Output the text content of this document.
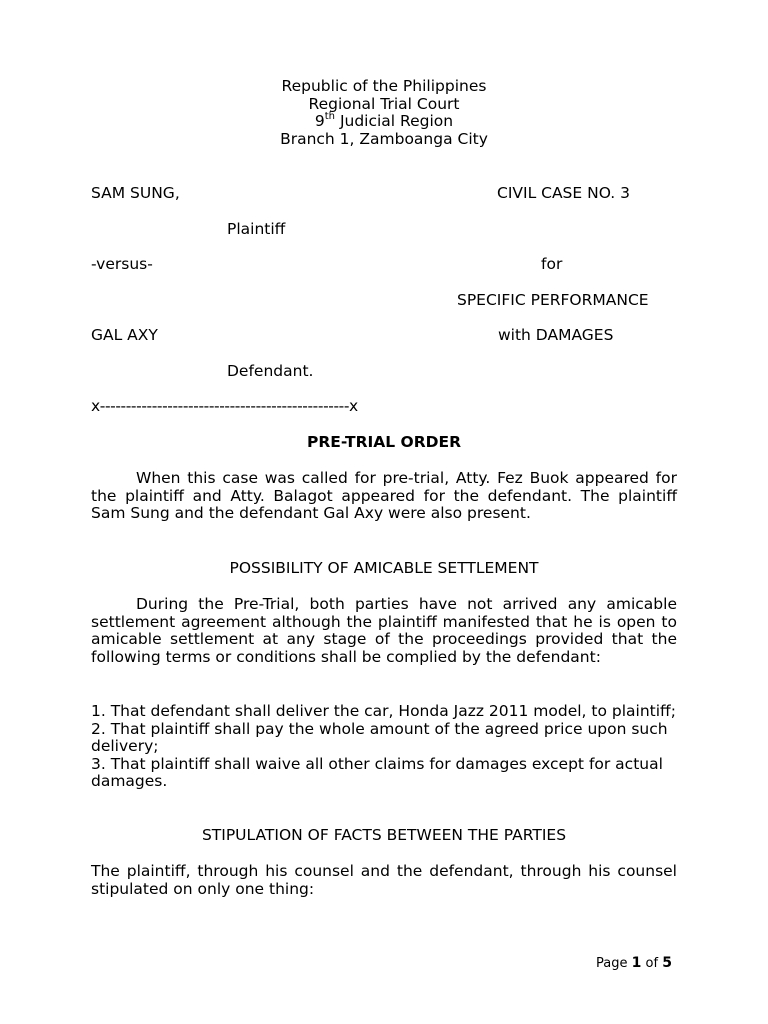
Republic of the Philippines
Regional Trial Court
9th Judicial Region
Branch 1, Zamboanga City
SAM SUNG,	CIVIL CASE NO. 3
Plaintiff
-versus-	for
SPECIFIC PERFORMANCE
GAL AXY	with DAMAGES
Defendant.
x------------------------------------------------x
PRE-TRIAL ORDER
When this case was called for pre-trial, Atty. Fez Buok appeared for the plaintiff and Atty. Balagot appeared for the defendant. The plaintiff Sam Sung and the defendant Gal Axy were also present.
POSSIBILITY OF AMICABLE SETTLEMENT
During the Pre-Trial, both parties have not arrived any amicable settlement agreement although the plaintiff manifested that he is open to amicable settlement at any stage of the proceedings provided that the following terms or conditions shall be complied by the defendant:
1. That defendant shall deliver the car, Honda Jazz 2011 model, to plaintiff;
2. That plaintiff shall pay the whole amount of the agreed price upon such delivery;
3. That plaintiff shall waive all other claims for damages except for actual damages.
STIPULATION OF FACTS BETWEEN THE PARTIES
The plaintiff, through his counsel and the defendant, through his counsel stipulated on only one thing:
Page 1 of 5
